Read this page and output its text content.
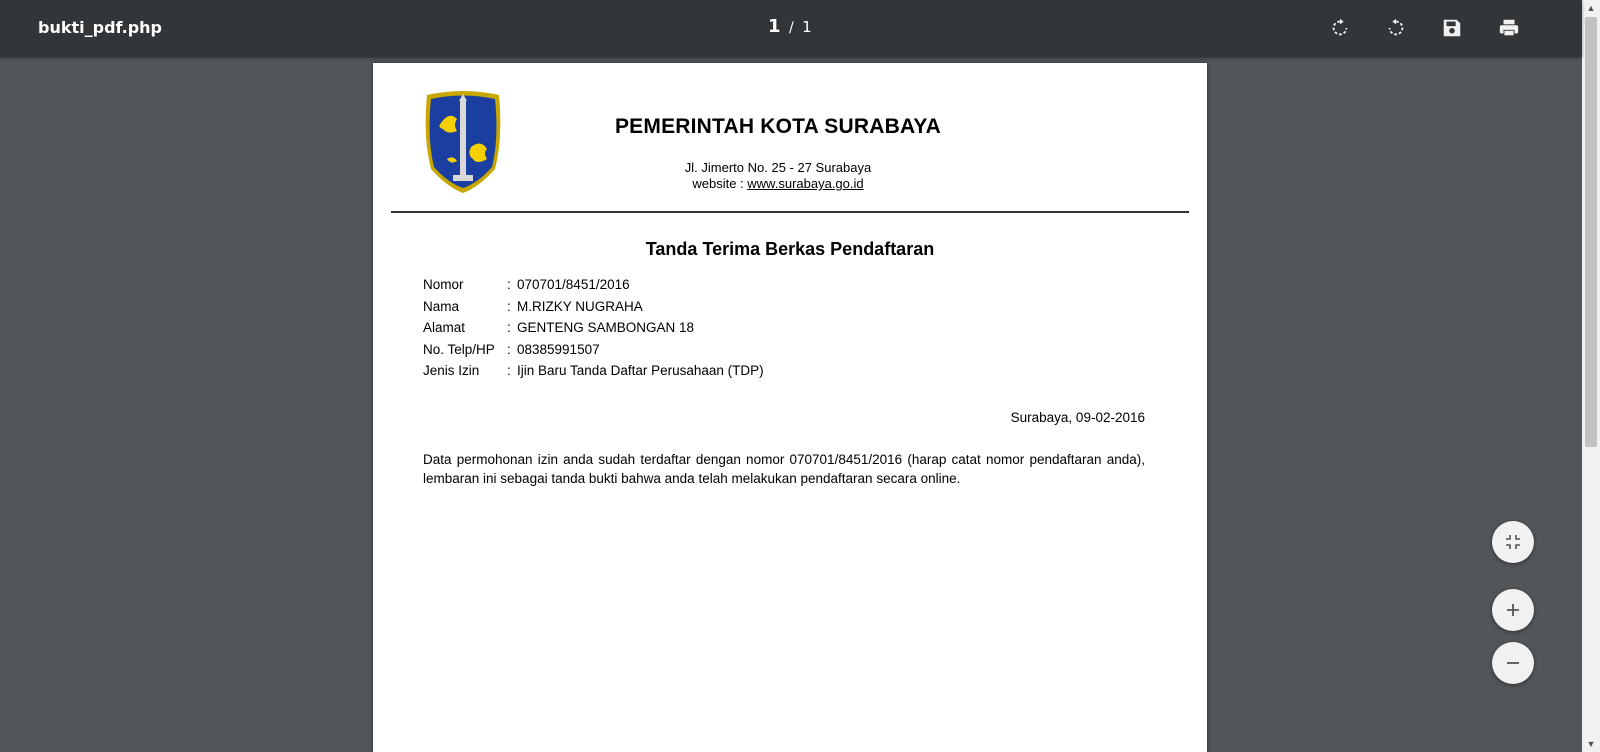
bukti_pdf.php	1 / 1
PEMERINTAH KOTA SURABAYA
Jl. Jimerto No. 25 - 27 Surabaya
website : www.surabaya.go.id
Tanda Terima Berkas Pendaftaran
Nomor	: 070701/8451/2016
Nama	: M.RIZKY NUGRAHA
Alamat	: GENTENG SAMBONGAN 18
No. Telp/HP : 08385991507
Jenis Izin	: Ijin Baru Tanda Daftar Perusahaan (TDP)
Surabaya, 09-02-2016
Data permohonan izin anda sudah terdaftar dengan nomor 070701/8451/2016 (harap catat nomor pendaftaran anda), lembaran ini sebagai tanda bukti bahwa anda telah melakukan pendaftaran secara online.
▲
▼
